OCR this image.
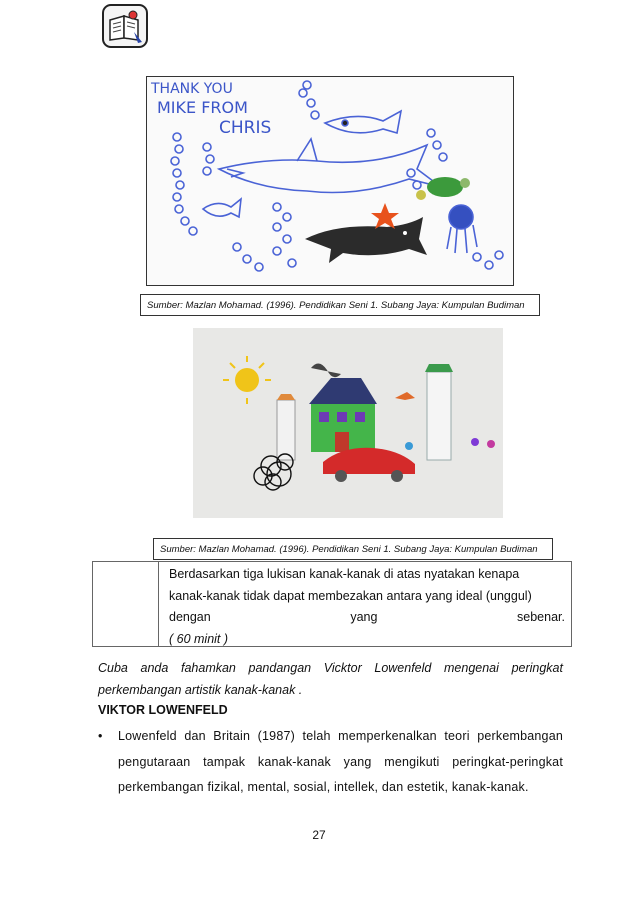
THANK YOU
MIKE FROM
CHRIS
Sumber: Mazlan Mohamad. (1996). Pendidikan Seni 1. Subang Jaya: Kumpulan Budiman
Sumber: Mazlan Mohamad. (1996). Pendidikan Seni 1. Subang Jaya: Kumpulan Budiman
Berdasarkan tiga lukisan kanak-kanak di atas nyatakan kenapa
kanak-kanak tidak dapat membezakan antara yang ideal (unggul)
dengan	yang	sebenar.
( 60 minit )
Cuba anda fahamkan pandangan Vicktor Lowenfeld mengenai peringkat perkembangan artistik kanak-kanak .
VIKTOR LOWENFELD
• Lowenfeld dan Britain (1987) telah memperkenalkan teori perkembangan pengutaraan tampak kanak-kanak yang mengikuti peringkat-peringkat perkembangan fizikal, mental, sosial, intellek, dan estetik, kanak-kanak.
27
